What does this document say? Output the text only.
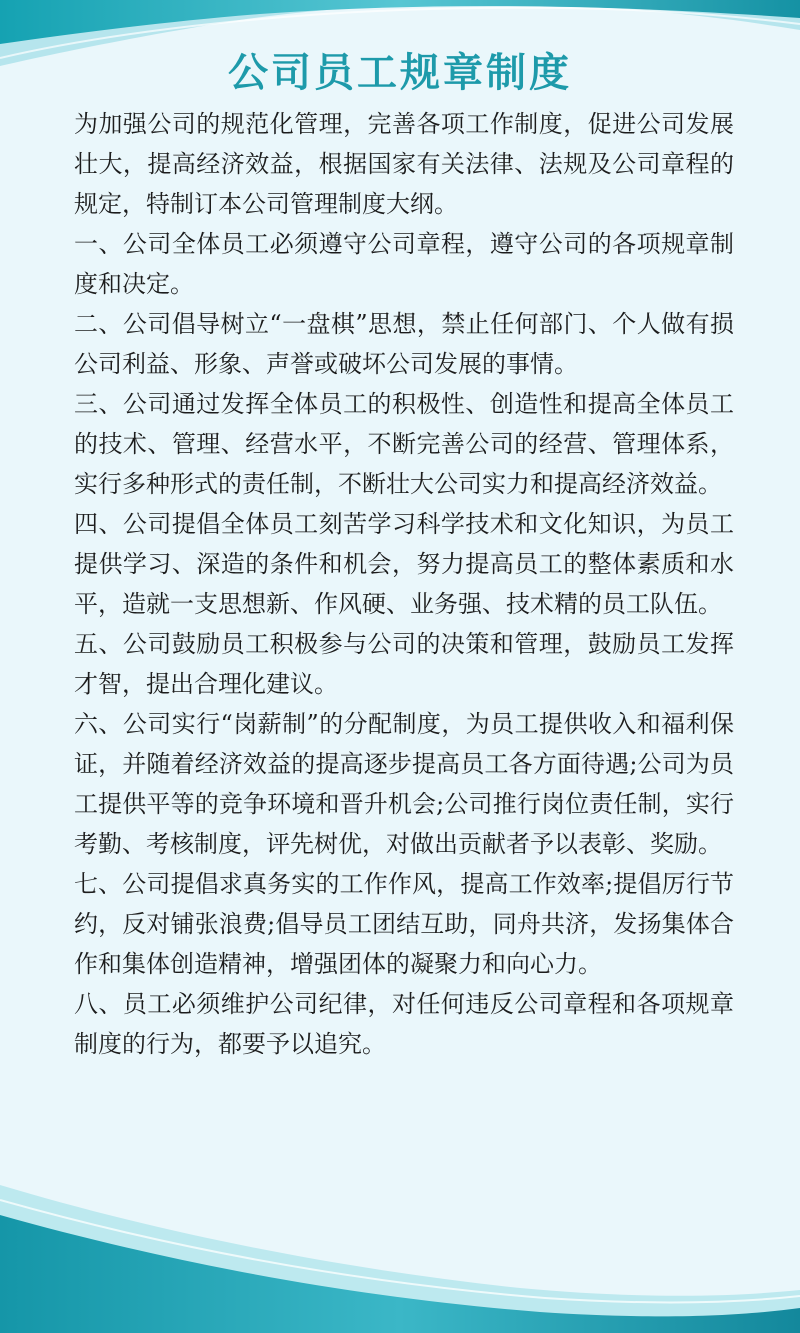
公司员工规章制度

为加强公司的规范化管理，完善各项工作制度，促进公司发展壮大，提高经济效益，根据国家有关法律、法规及公司章程的规定，特制订本公司管理制度大纲。

一、公司全体员工必须遵守公司章程，遵守公司的各项规章制度和决定。

二、公司倡导树立“一盘棋”思想，禁止任何部门、个人做有损公司利益、形象、声誉或破坏公司发展的事情。

三、公司通过发挥全体员工的积极性、创造性和提高全体员工的技术、管理、经营水平，不断完善公司的经营、管理体系，实行多种形式的责任制，不断壮大公司实力和提高经济效益。

四、公司提倡全体员工刻苦学习科学技术和文化知识，为员工提供学习、深造的条件和机会，努力提高员工的整体素质和水平，造就一支思想新、作风硬、业务强、技术精的员工队伍。

五、公司鼓励员工积极参与公司的决策和管理，鼓励员工发挥才智，提出合理化建议。

六、公司实行“岗薪制”的分配制度，为员工提供收入和福利保证，并随着经济效益的提高逐步提高员工各方面待遇;公司为员工提供平等的竞争环境和晋升机会;公司推行岗位责任制，实行考勤、考核制度，评先树优，对做出贡献者予以表彰、奖励。

七、公司提倡求真务实的工作作风，提高工作效率;提倡厉行节约，反对铺张浪费;倡导员工团结互助，同舟共济，发扬集体合作和集体创造精神，增强团体的凝聚力和向心力。

八、员工必须维护公司纪律，对任何违反公司章程和各项规章制度的行为，都要予以追究。
